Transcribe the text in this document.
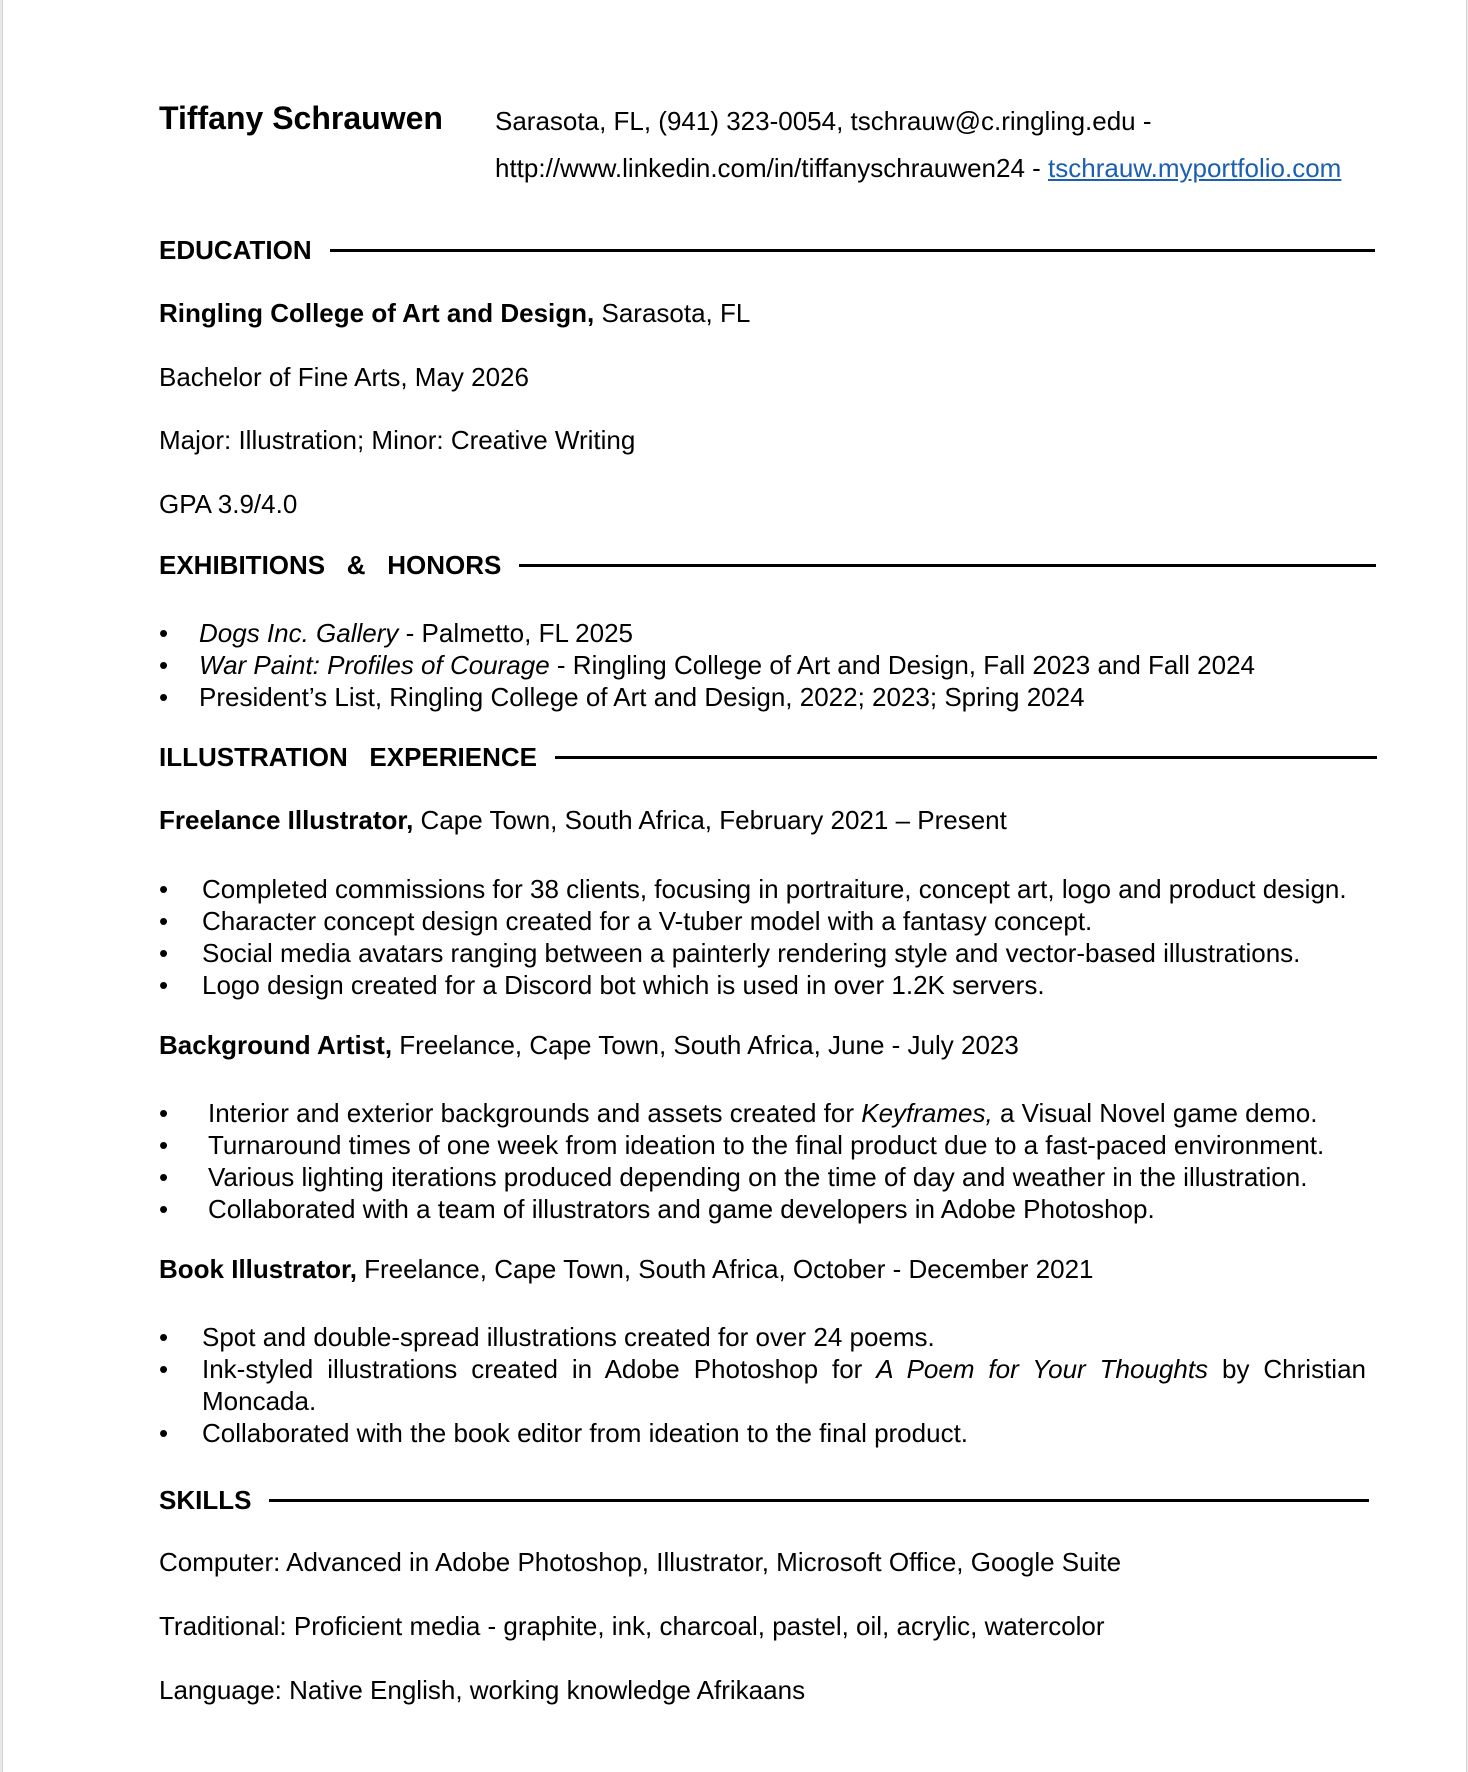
Tiffany Schrauwen Sarasota, FL, (941) 323-0054, tschrauw@c.ringling.edu -
http://www.linkedin.com/in/tiffanyschrauwen24 - tschrauw.myportfolio.com
EDUCATION
Ringling College of Art and Design, Sarasota, FL
Bachelor of Fine Arts, May 2026
Major: Illustration; Minor: Creative Writing
GPA 3.9/4.0
EXHIBITIONS   &   HONORS
• Dogs Inc. Gallery - Palmetto, FL 2025
• War Paint: Profiles of Courage - Ringling College of Art and Design, Fall 2023 and Fall 2024
• President’s List, Ringling College of Art and Design, 2022; 2023; Spring 2024
ILLUSTRATION   EXPERIENCE
Freelance Illustrator, Cape Town, South Africa, February 2021 – Present
• Completed commissions for 38 clients, focusing in portraiture, concept art, logo and product design.
• Character concept design created for a V-tuber model with a fantasy concept.
• Social media avatars ranging between a painterly rendering style and vector-based illustrations.
• Logo design created for a Discord bot which is used in over 1.2K servers.
Background Artist, Freelance, Cape Town, South Africa, June - July 2023
• Interior and exterior backgrounds and assets created for Keyframes, a Visual Novel game demo.
• Turnaround times of one week from ideation to the final product due to a fast-paced environment.
• Various lighting iterations produced depending on the time of day and weather in the illustration.
• Collaborated with a team of illustrators and game developers in Adobe Photoshop.
Book Illustrator, Freelance, Cape Town, South Africa, October - December 2021
• Spot and double-spread illustrations created for over 24 poems.
• Ink-styled illustrations created in Adobe Photoshop for A Poem for Your Thoughts by Christian Moncada.
• Collaborated with the book editor from ideation to the final product.
SKILLS
Computer: Advanced in Adobe Photoshop, Illustrator, Microsoft Office, Google Suite
Traditional: Proficient media - graphite, ink, charcoal, pastel, oil, acrylic, watercolor
Language: Native English, working knowledge Afrikaans
